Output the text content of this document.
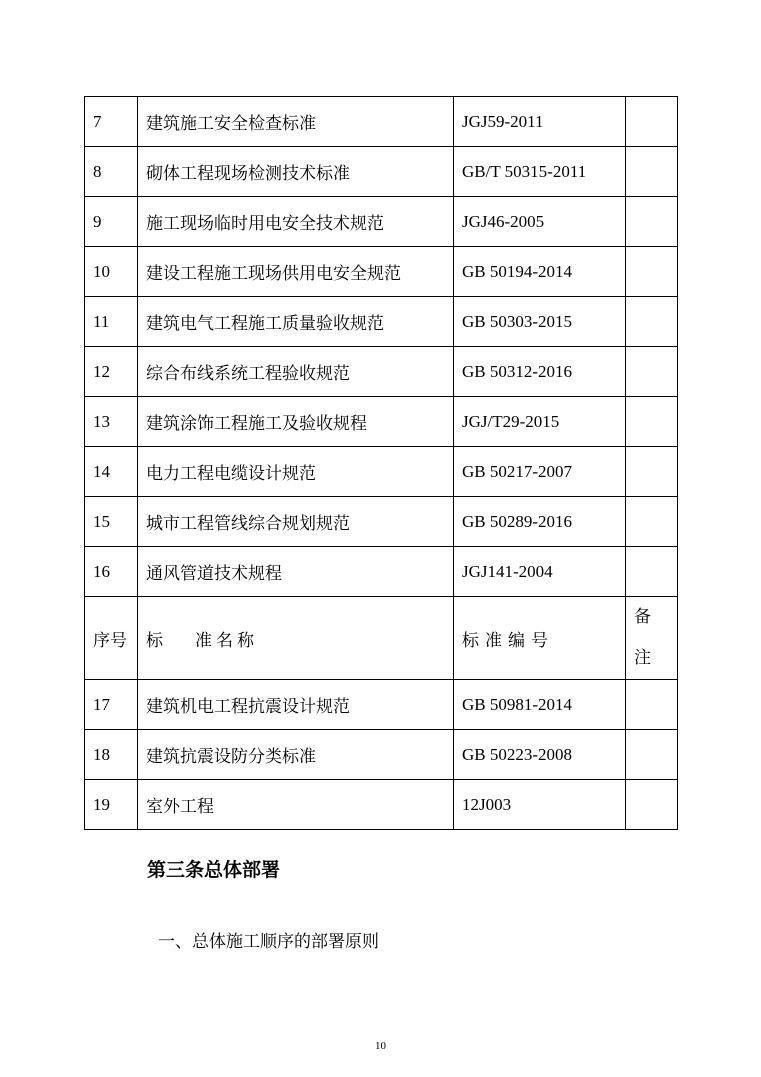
7	建筑施工安全检查标准	JGJ59-2011	
8	砌体工程现场检测技术标准	GB/T 50315-2011	
9	施工现场临时用电安全技术规范	JGJ46-2005	
10	建设工程施工现场供用电安全规范	GB 50194-2014	
11	建筑电气工程施工质量验收规范	GB 50303-2015	
12	综合布线系统工程验收规范	GB 50312-2016	
13	建筑涂饰工程施工及验收规程	JGJ/T29-2015	
14	电力工程电缆设计规范	GB 50217-2007	
15	城市工程管线综合规划规范	GB 50289-2016	
16	通风管道技术规程	JGJ141-2004	
序号	标 准名称	标准编号	备
注
17	建筑机电工程抗震设计规范	GB 50981-2014	
18	建筑抗震设防分类标准	GB 50223-2008	
19	室外工程	12J003	
第三条总体部署
一、总体施工顺序的部署原则
10
